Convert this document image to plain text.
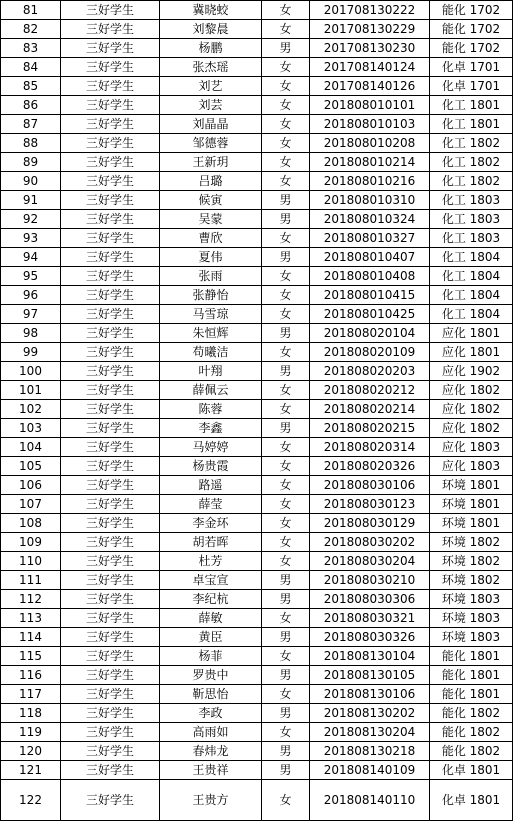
81	三好学生	冀晓蛟	女	201708130222	能化 1702
82	三好学生	刘黎晨	女	201708130229	能化 1702
83	三好学生	杨鹏	男	201708130230	能化 1702
84	三好学生	张杰瑶	女	201708140124	化卓 1701
85	三好学生	刘艺	女	201708140126	化卓 1701
86	三好学生	刘芸	女	201808010101	化工 1801
87	三好学生	刘晶晶	女	201808010103	化工 1801
88	三好学生	邹德蓉	女	201808010208	化工 1802
89	三好学生	王新玥	女	201808010214	化工 1802
90	三好学生	吕璐	女	201808010216	化工 1802
91	三好学生	候寅	男	201808010310	化工 1803
92	三好学生	吴蒙	男	201808010324	化工 1803
93	三好学生	曹欣	女	201808010327	化工 1803
94	三好学生	夏伟	男	201808010407	化工 1804
95	三好学生	张雨	女	201808010408	化工 1804
96	三好学生	张静怡	女	201808010415	化工 1804
97	三好学生	马雪琼	女	201808010425	化工 1804
98	三好学生	朱恒辉	男	201808020104	应化 1801
99	三好学生	苟曦洁	女	201808020109	应化 1801
100	三好学生	叶翔	男	201808020203	应化 1902
101	三好学生	薛佩云	女	201808020212	应化 1802
102	三好学生	陈蓉	女	201808020214	应化 1802
103	三好学生	李鑫	男	201808020215	应化 1802
104	三好学生	马婷婷	女	201808020314	应化 1803
105	三好学生	杨贵霞	女	201808020326	应化 1803
106	三好学生	路遥	女	201808030106	环境 1801
107	三好学生	薛莹	女	201808030123	环境 1801
108	三好学生	李金环	女	201808030129	环境 1801
109	三好学生	胡若晖	女	201808030202	环境 1802
110	三好学生	杜芳	女	201808030204	环境 1802
111	三好学生	卓宝宣	男	201808030210	环境 1802
112	三好学生	李纪杭	男	201808030306	环境 1803
113	三好学生	薛敏	女	201808030321	环境 1803
114	三好学生	黄臣	男	201808030326	环境 1803
115	三好学生	杨菲	女	201808130104	能化 1801
116	三好学生	罗贵中	男	201808130105	能化 1801
117	三好学生	靳思怡	女	201808130106	能化 1801
118	三好学生	李政	男	201808130202	能化 1802
119	三好学生	高雨如	女	201808130204	能化 1802
120	三好学生	春炜龙	男	201808130218	能化 1802
121	三好学生	王贵祥	男	201808140109	化卓 1801
122	三好学生	王贵方	女	201808140110	化卓 1801
